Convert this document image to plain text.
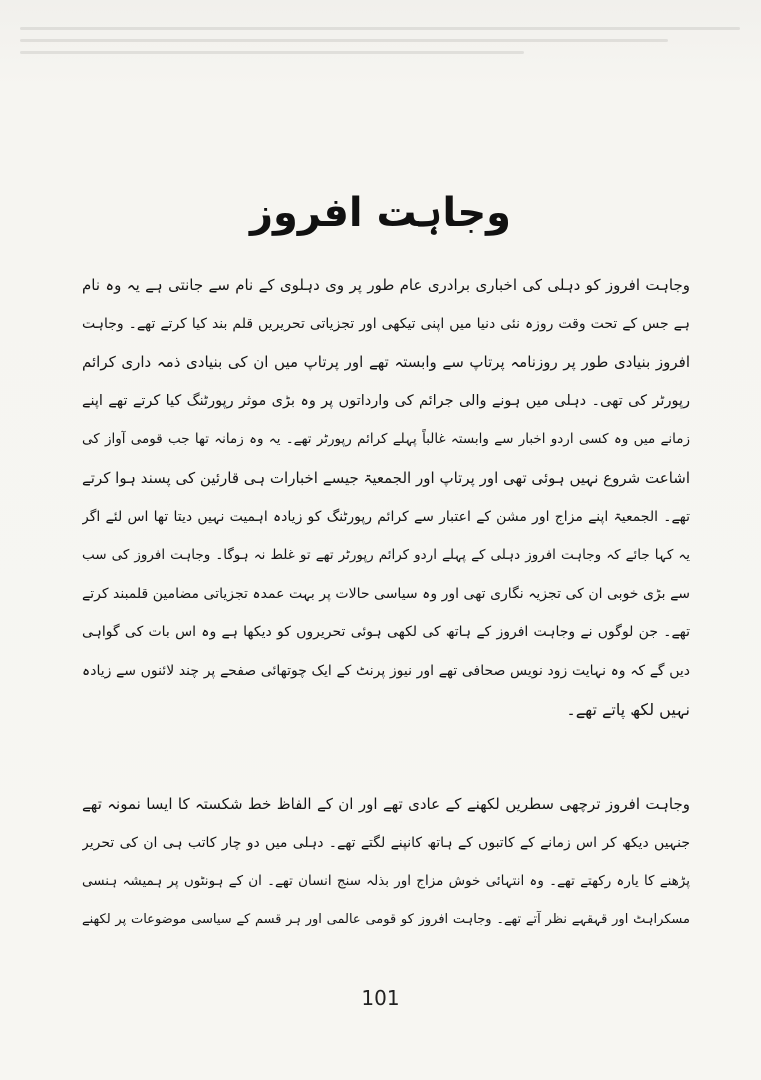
وجاہت افروز
وجاہت افروز کو دہلی کی اخباری برادری عام طور پر وی دہلوی کے نام سے جانتی ہے یہ وہ نام
ہے جس کے تحت وقت روزہ نئی دنیا میں اپنی تیکھی اور تجزیاتی تحریریں قلم بند کیا کرتے تھے۔ وجاہت
افروز بنیادی طور پر روزنامہ پرتاپ سے وابستہ تھے اور پرتاپ میں ان کی بنیادی ذمہ داری کرائم
رپورٹر کی تھی۔ دہلی میں ہونے والی جرائم کی وارداتوں پر وہ بڑی موثر رپورٹنگ کیا کرتے تھے اپنے
زمانے میں وہ کسی اردو اخبار سے وابستہ غالباً پہلے کرائم رپورٹر تھے۔ یہ وہ زمانہ تھا جب قومی آواز کی
اشاعت شروع نہیں ہوئی تھی اور پرتاپ اور الجمعیۃ جیسے اخبارات ہی قارئین کی پسند ہوا کرتے
تھے۔ الجمعیۃ اپنے مزاج اور مشن کے اعتبار سے کرائم رپورٹنگ کو زیادہ اہمیت نہیں دیتا تھا اس لئے اگر
یہ کہا جائے کہ وجاہت افروز دہلی کے پہلے اردو کرائم رپورٹر تھے تو غلط نہ ہوگا۔ وجاہت افروز کی سب
سے بڑی خوبی ان کی تجزیہ نگاری تھی اور وہ سیاسی حالات پر بہت عمدہ تجزیاتی مضامین قلمبند کرتے
تھے۔ جن لوگوں نے وجاہت افروز کے ہاتھ کی لکھی ہوئی تحریروں کو دیکھا ہے وہ اس بات کی گواہی
دیں گے کہ وہ نہایت زود نویس صحافی تھے اور نیوز پرنٹ کے ایک چوتھائی صفحے پر چند لائنوں سے زیادہ
نہیں لکھ پاتے تھے۔
وجاہت افروز ترچھی سطریں لکھنے کے عادی تھے اور ان کے الفاظ خط شکستہ کا ایسا نمونہ تھے
جنہیں دیکھ کر اس زمانے کے کاتبوں کے ہاتھ کانپنے لگتے تھے۔ دہلی میں دو چار کاتب ہی ان کی تحریر
پڑھنے کا یارہ رکھتے تھے۔ وہ انتہائی خوش مزاج اور بذلہ سنج انسان تھے۔ ان کے ہونٹوں پر ہمیشہ ہنسی
مسکراہٹ اور قہقہے نظر آتے تھے۔ وجاہت افروز کو قومی عالمی اور ہر قسم کے سیاسی موضوعات پر لکھنے
101
